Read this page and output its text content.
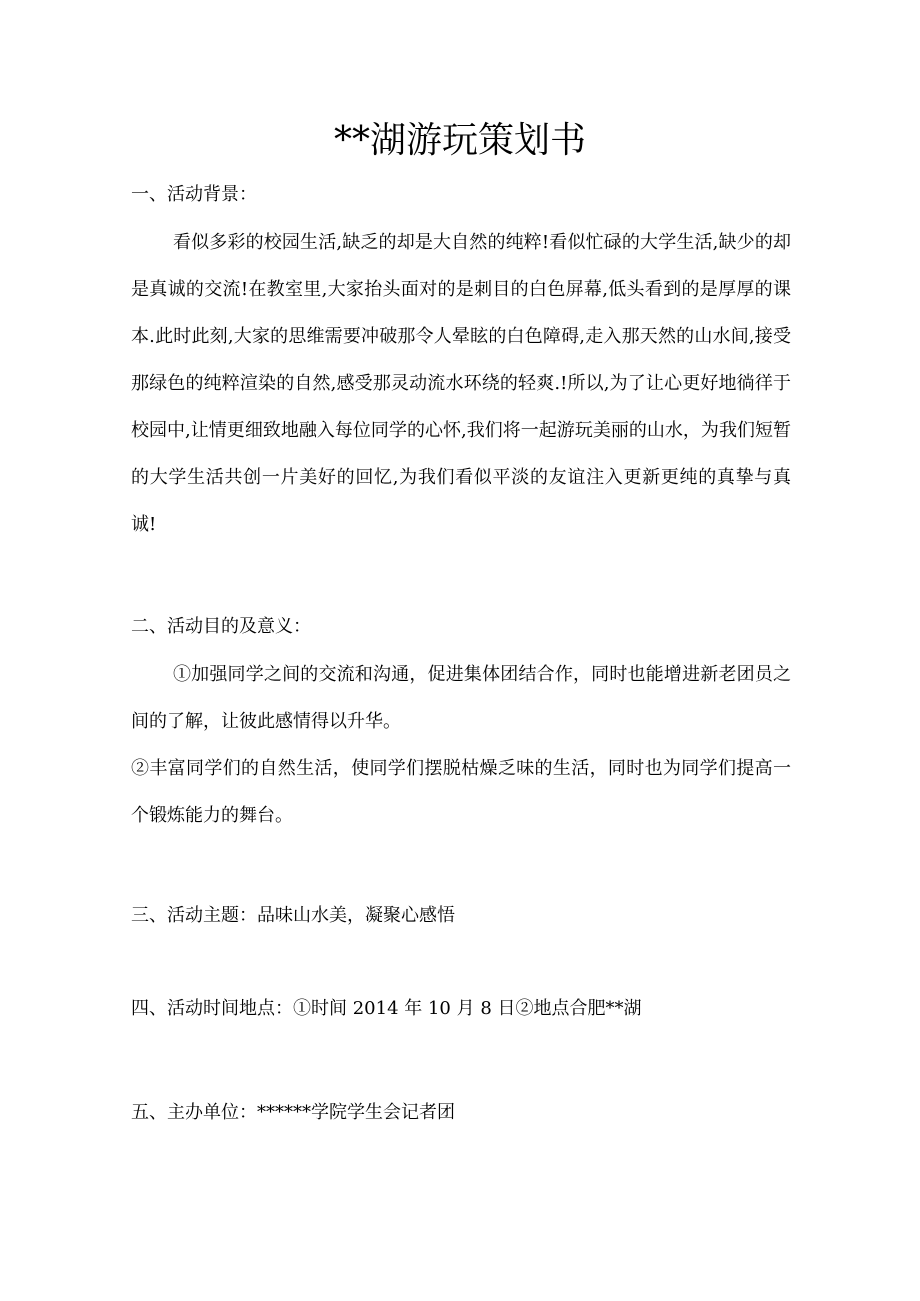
**湖游玩策划书
一、活动背景：
看似多彩的校园生活,缺乏的却是大自然的纯粹!看似忙碌的大学生活,缺少的却是真诚的交流!在教室里,大家抬头面对的是刺目的白色屏幕,低头看到的是厚厚的课本.此时此刻,大家的思维需要冲破那令人晕眩的白色障碍,走入那天然的山水间,接受那绿色的纯粹渲染的自然,感受那灵动流水环绕的轻爽.!所以,为了让心更好地徜徉于校园中,让情更细致地融入每位同学的心怀,我们将一起游玩美丽的山水，为我们短暂的大学生活共创一片美好的回忆,为我们看似平淡的友谊注入更新更纯的真挚与真诚!
二、活动目的及意义：
①加强同学之间的交流和沟通，促进集体团结合作，同时也能增进新老团员之间的了解，让彼此感情得以升华。
②丰富同学们的自然生活，使同学们摆脱枯燥乏味的生活，同时也为同学们提高一个锻炼能力的舞台。
三、活动主题：品味山水美，凝聚心感悟
四、活动时间地点：①时间 2014 年 10 月 8 日②地点合肥**湖
五、主办单位：******学院学生会记者团
